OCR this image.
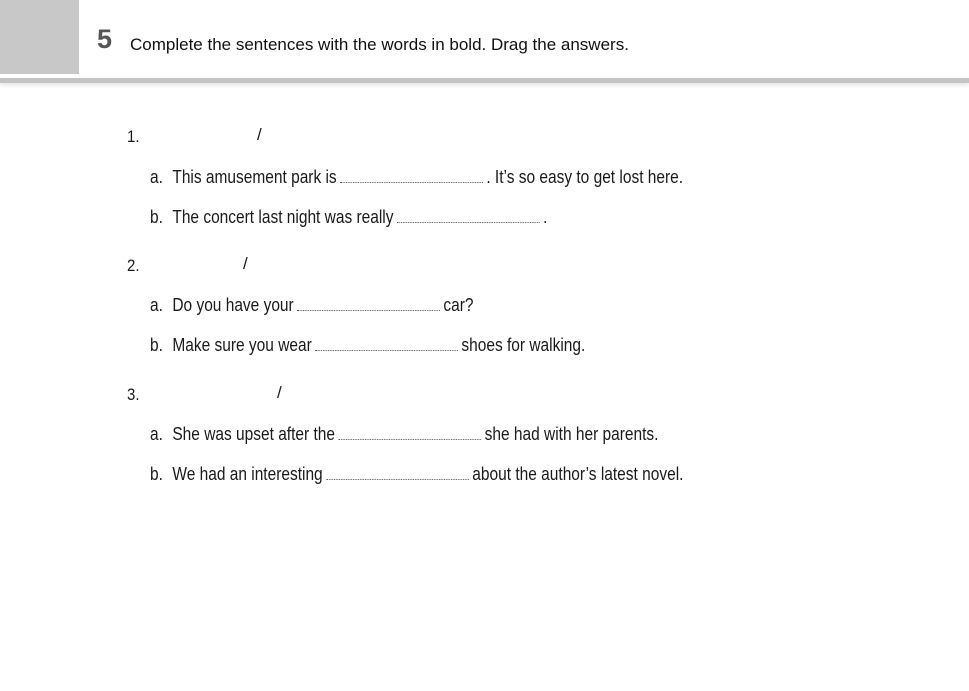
5 Complete the sentences with the words in bold. Drag the answers.
1.	/
a. This amusement park is	. It’s so easy to get lost here.
b. The concert last night was really	.
2.	/
a. Do you have your	car?
b. Make sure you wear	shoes for walking.
3.	/
a. She was upset after the	she had with her parents.
b. We had an interesting	about the author’s latest novel.
